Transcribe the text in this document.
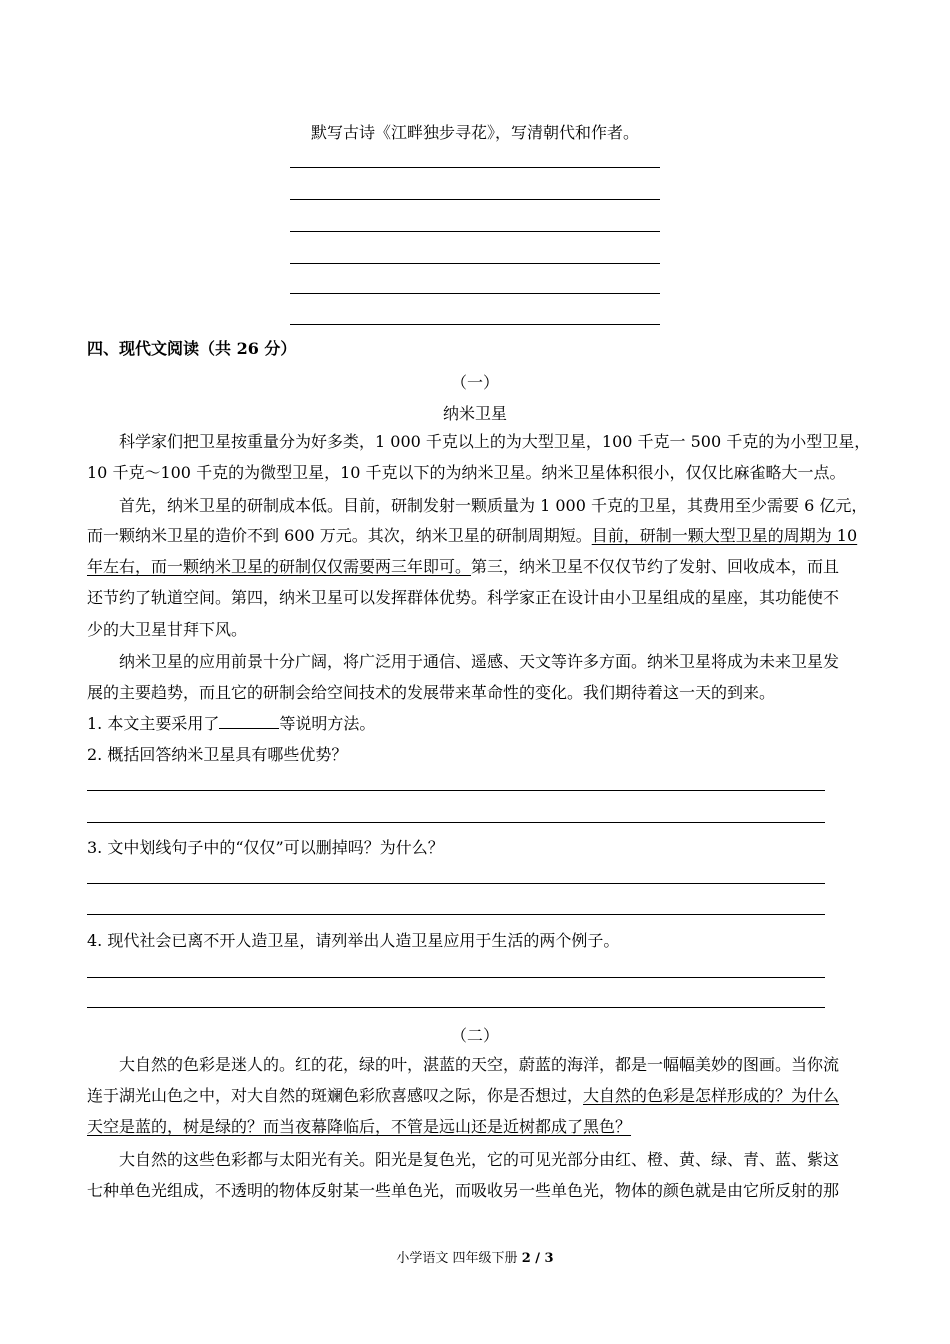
默写古诗《江畔独步寻花》，写清朝代和作者。
四、现代文阅读（共 26 分）
（一）
纳米卫星
科学家们把卫星按重量分为好多类，1 000 千克以上的为大型卫星，100 千克一 500 千克的为小型卫星，
10 千克～100 千克的为微型卫星，10 千克以下的为纳米卫星。纳米卫星体积很小，仅仅比麻雀略大一点。
首先，纳米卫星的研制成本低。目前，研制发射一颗质量为 1 000 千克的卫星，其费用至少需要 6 亿元，
而一颗纳米卫星的造价不到 600 万元。其次，纳米卫星的研制周期短。目前，研制一颗大型卫星的周期为 10
年左右，而一颗纳米卫星的研制仅仅需要两三年即可。第三，纳米卫星不仅仅节约了发射、回收成本，而且
还节约了轨道空间。第四，纳米卫星可以发挥群体优势。科学家正在设计由小卫星组成的星座，其功能使不
少的大卫星甘拜下风。
纳米卫星的应用前景十分广阔，将广泛用于通信、遥感、天文等许多方面。纳米卫星将成为未来卫星发
展的主要趋势，而且它的研制会给空间技术的发展带来革命性的变化。我们期待着这一天的到来。
1. 本文主要采用了	等说明方法。
2. 概括回答纳米卫星具有哪些优势？
3. 文中划线句子中的“仅仅”可以删掉吗？为什么？
4. 现代社会已离不开人造卫星，请列举出人造卫星应用于生活的两个例子。
（二）
大自然的色彩是迷人的。红的花，绿的叶，湛蓝的天空，蔚蓝的海洋，都是一幅幅美妙的图画。当你流
连于湖光山色之中，对大自然的斑斓色彩欣喜感叹之际，你是否想过，大自然的色彩是怎样形成的？为什么
天空是蓝的，树是绿的？而当夜幕降临后，不管是远山还是近树都成了黑色？
大自然的这些色彩都与太阳光有关。阳光是复色光，它的可见光部分由红、橙、黄、绿、青、蓝、紫这
七种单色光组成，不透明的物体反射某一些单色光，而吸收另一些单色光，物体的颜色就是由它所反射的那
小学语文 四年级下册 2 / 3
